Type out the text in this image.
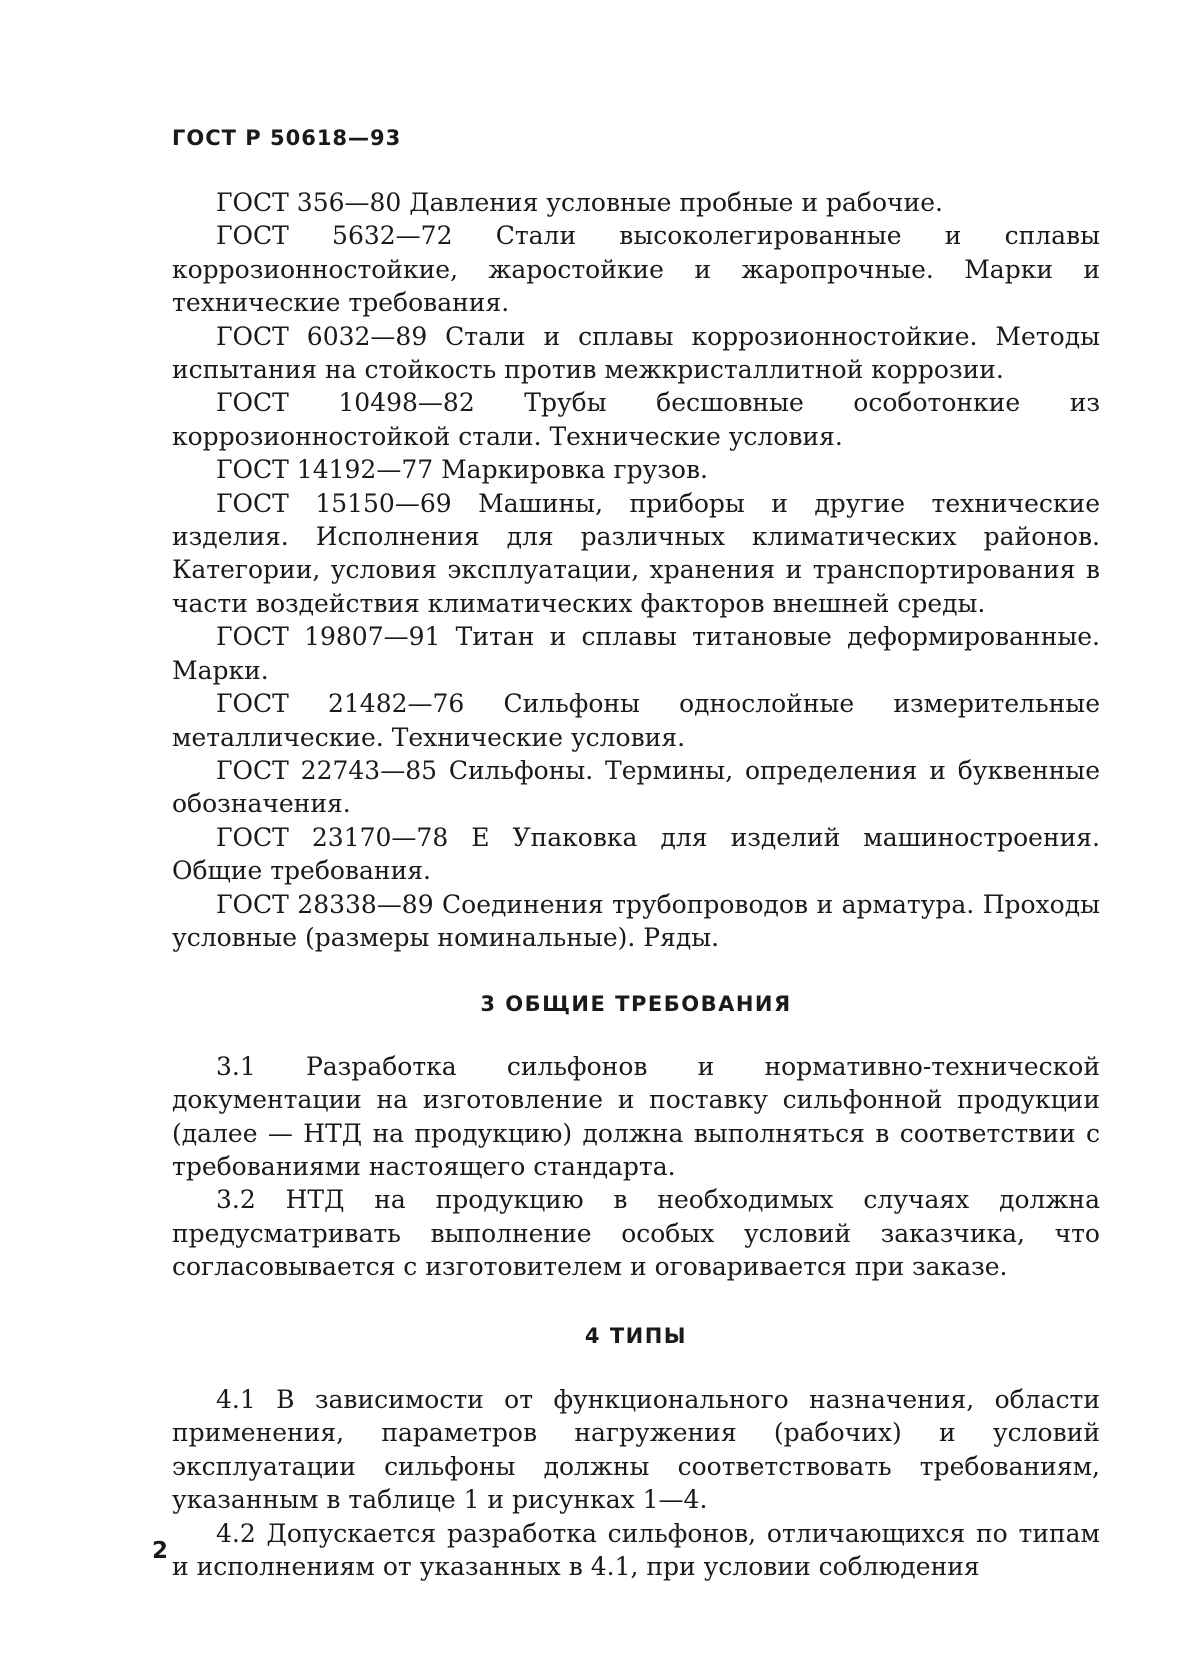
ГОСТ Р 50618—93

ГОСТ 356—80 Давления условные пробные и рабочие.

ГОСТ 5632—72 Стали высоколегированные и сплавы коррозионностойкие, жаростойкие и жаропрочные. Марки и технические требования.

ГОСТ 6032—89 Стали и сплавы коррозионностойкие. Методы испытания на стойкость против межкристаллитной коррозии.

ГОСТ 10498—82 Трубы бесшовные особотонкие из коррозионностойкой стали. Технические условия.

ГОСТ 14192—77 Маркировка грузов.

ГОСТ 15150—69 Машины, приборы и другие технические изделия. Исполнения для различных климатических районов. Категории, условия эксплуатации, хранения и транспортирования в части воздействия климатических факторов внешней среды.

ГОСТ 19807—91 Титан и сплавы титановые деформированные. Марки.

ГОСТ 21482—76 Сильфоны однослойные измерительные металлические. Технические условия.

ГОСТ 22743—85 Сильфоны. Термины, определения и буквенные обозначения.

ГОСТ 23170—78 Е Упаковка для изделий машиностроения. Общие требования.

ГОСТ 28338—89 Соединения трубопроводов и арматура. Проходы условные (размеры номинальные). Ряды.

3 ОБЩИЕ ТРЕБОВАНИЯ

3.1 Разработка сильфонов и нормативно-технической документации на изготовление и поставку сильфонной продукции (далее — НТД на продукцию) должна выполняться в соответствии с требованиями настоящего стандарта.

3.2 НТД на продукцию в необходимых случаях должна предусматривать выполнение особых условий заказчика, что согласовывается с изготовителем и оговаривается при заказе.

4 ТИПЫ

4.1 В зависимости от функционального назначения, области применения, параметров нагружения (рабочих) и условий эксплуатации сильфоны должны соответствовать требованиям, указанным в таблице 1 и рисунках 1—4.

4.2 Допускается разработка сильфонов, отличающихся по типам и исполнениям от указанных в 4.1, при условии соблюдения

2
